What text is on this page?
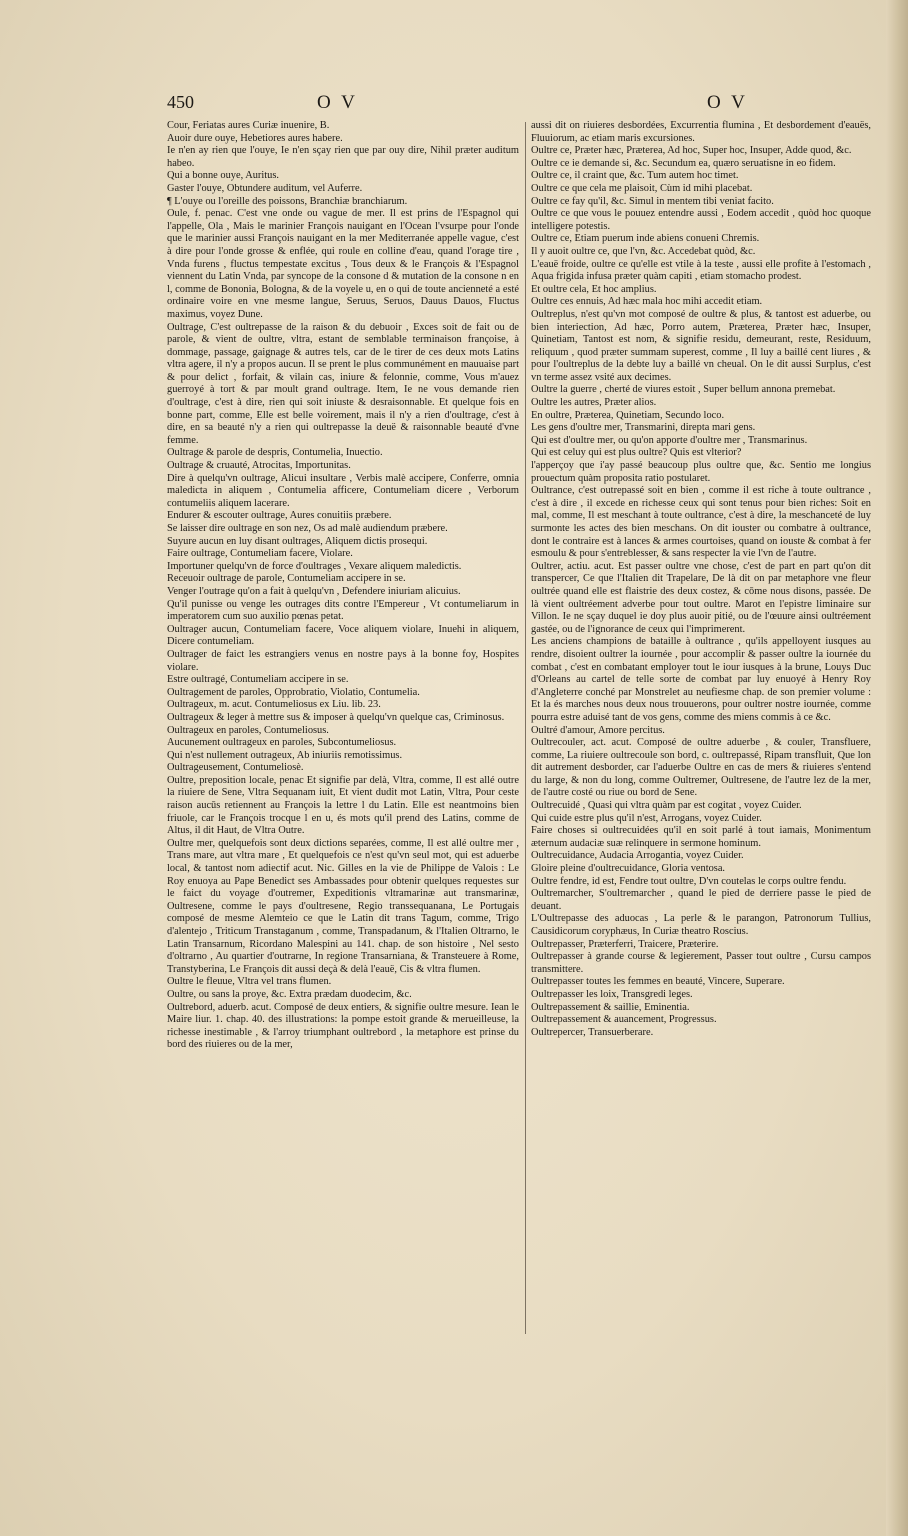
450	O V	O V

Cour, Feriatas aures Curiæ inuenire, B.

Auoir dure ouye, Hebetiores aures habere.

Ie n'en ay rien que l'ouye, Ie n'en sçay rien que par ouy dire, Nihil præter auditum habeo.

Qui a bonne ouye, Auritus.

Gaster l'ouye, Obtundere auditum, vel Auferre.

¶ L'ouye ou l'oreille des poissons, Branchiæ branchiarum.

Oule, f. penac. C'est vne onde ou vague de mer. Il est prins de l'Espagnol qui l'appelle, Ola , Mais le marinier François nauigant en l'Ocean l'vsurpe pour l'onde que le marinier aussi François nauigant en la mer Mediterranée appelle vague, c'est à dire pour l'onde grosse & enflée, qui roule en colline d'eau, quand l'orage tire , Vnda furens , fluctus tempestate excitus , Tous deux & le François & l'Espagnol viennent du Latin Vnda, par syncope de la consone d & mutation de la consone n en l, comme de Bononia, Bologna, & de la voyele u, en o qui de toute ancienneté a esté ordinaire voire en vne mesme langue, Seruus, Seruos, Dauus Dauos, Fluctus maximus, voyez Dune.

Oultrage, C'est oultrepasse de la raison & du debuoir , Exces soit de fait ou de parole, & vient de oultre, vltra, estant de semblable terminaison françoise, à dommage, passage, gaignage & autres tels, car de le tirer de ces deux mots Latins vltra agere, il n'y a propos aucun. Il se prent le plus communément en mauuaise part & pour delict , forfait, & vilain cas, iniure & felonnie, comme, Vous m'auez guerroyé à tort & par moult grand oultrage. Item, Ie ne vous demande rien d'oultrage, c'est à dire, rien qui soit iniuste & desraisonnable. Et quelque fois en bonne part, comme, Elle est belle voirement, mais il n'y a rien d'oultrage, c'est à dire, en sa beauté n'y a rien qui oultrepasse la deuë & raisonnable beauté d'vne femme.

Oultrage & parole de despris, Contumelia, Inuectio.

Oultrage & cruauté, Atrocitas, Importunitas.

Dire à quelqu'vn oultrage, Alicui insultare , Verbis malè accipere, Conferre, omnia maledicta in aliquem , Contumelia afficere, Contumeliam dicere , Verborum contumeliis aliquem lacerare.

Endurer & escouter oultrage, Aures conuitiis præbere.

Se laisser dire oultrage en son nez, Os ad malè audiendum præbere.

Suyure aucun en luy disant oultrages, Aliquem dictis prosequi.

Faire oultrage, Contumeliam facere, Violare.

Importuner quelqu'vn de force d'oultrages , Vexare aliquem maledictis.

Receuoir oultrage de parole, Contumeliam accipere in se.

Venger l'outrage qu'on a fait à quelqu'vn , Defendere iniuriam alicuius.

Qu'il punisse ou venge les outrages dits contre l'Empereur , Vt contumeliarum in imperatorem cum suo auxilio pœnas petat.

Oultrager aucun, Contumeliam facere, Voce aliquem violare, Inuehi in aliquem, Dicere contumeliam.

Oultrager de faict les estrangiers venus en nostre pays à la bonne foy, Hospites violare.

Estre oultragé, Contumeliam accipere in se.

Oultragement de paroles, Opprobratio, Violatio, Contumelia.

Oultrageux, m. acut. Contumeliosus ex Liu. lib. 23.

Oultrageux & leger à mettre sus & imposer à quelqu'vn quelque cas, Criminosus.

Oultrageux en paroles, Contumeliosus.

Aucunement oultrageux en paroles, Subcontumeliosus.

Qui n'est nullement outrageux, Ab iniuriis remotissimus.

Oultrageusement, Contumeliosè.

Oultre, preposition locale, penac Et signifie par delà, Vltra, comme, Il est allé outre la riuiere de Sene, Vltra Sequanam iuit, Et vient dudit mot Latin, Vltra, Pour ceste raison aucūs retiennent au François la lettre l du Latin. Elle est neantmoins bien friuole, car le François trocque l en u, és mots qu'il prend des Latins, comme de Altus, il dit Haut, de Vltra Outre.

Oultre mer, quelquefois sont deux dictions separées, comme, Il est allé oultre mer , Trans mare, aut vltra mare , Et quelquefois ce n'est qu'vn seul mot, qui est aduerbe local, & tantost nom adiectif acut. Nic. Gilles en la vie de Philippe de Valois : Le Roy enuoya au Pape Benedict ses Ambassades pour obtenir quelques requestes sur le faict du voyage d'outremer, Expeditionis vltramarinæ aut transmarinæ, Oultresene, comme le pays d'oultresene, Regio transsequanana, Le Portugais composé de mesme Alemteio ce que le Latin dit trans Tagum, comme, Trigo d'alentejo , Triticum Transtaganum , comme, Transpadanum, & l'Italien Oltrarno, le Latin Transarnum, Ricordano Malespini au 141. chap. de son histoire , Nel sesto d'oltrarno , Au quartier d'outrarne, In regione Transarniana, & Transteuere à Rome, Transtyberina, Le François dit aussi deçà & delà l'eauë, Cis & vltra flumen.

Oultre le fleuue, Vltra vel trans flumen.

Oultre, ou sans la proye, &c. Extra prædam duodecim, &c.

Oultrebord, aduerb. acut. Composé de deux entiers, & signifie oultre mesure. Iean le Maire liur. 1. chap. 40. des illustrations: la pompe estoit grande & merueilleuse, la richesse inestimable , & l'arroy triumphant oultrebord , la metaphore est prinse du bord des riuieres ou de la mer,

aussi dit on riuieres desbordées, Excurrentia flumina , Et desbordement d'eauës, Fluuiorum, ac etiam maris excursiones.

Oultre ce, Præter hæc, Præterea, Ad hoc, Super hoc, Insuper, Adde quod, &c.

Oultre ce ie demande si, &c. Secundum ea, quæro seruatisne in eo fidem.

Oultre ce, il craint que, &c. Tum autem hoc timet.

Oultre ce que cela me plaisoit, Cùm id mihi placebat.

Oultre ce fay qu'il, &c. Simul in mentem tibi veniat facito.

Oultre ce que vous le pouuez entendre aussi , Eodem accedit , quòd hoc quoque intelligere potestis.

Oultre ce, Etiam puerum inde abiens conueni Chremis.

Il y auoit oultre ce, que l'vn, &c. Accedebat quòd, &c.

L'eauë froide, oultre ce qu'elle est vtile à la teste , aussi elle profite à l'estomach , Aqua frigida infusa præter quàm capiti , etiam stomacho prodest.

Et oultre cela, Et hoc amplius.

Oultre ces ennuis, Ad hæc mala hoc mihi accedit etiam.

Oultreplus, n'est qu'vn mot composé de oultre & plus, & tantost est aduerbe, ou bien interiection, Ad hæc, Porro autem, Præterea, Præter hæc, Insuper, Quinetiam, Tantost est nom, & signifie residu, demeurant, reste, Residuum, reliquum , quod præter summam superest, comme , Il luy a baillé cent liures , & pour l'oultreplus de la debte luy a baillé vn cheual. On le dit aussi Surplus, c'est vn terme assez vsité aux decimes.

Oultre la guerre , cherté de viures estoit , Super bellum annona premebat.

Oultre les autres, Præter alios.

En oultre, Præterea, Quinetiam, Secundo loco.

Les gens d'oultre mer, Transmarini, direpta mari gens.

Qui est d'oultre mer, ou qu'on apporte d'oultre mer , Transmarinus.

Qui est celuy qui est plus oultre? Quis est vlterior?

l'apperçoy que i'ay passé beaucoup plus oultre que, &c. Sentio me longius prouectum quàm proposita ratio postularet.

Oultrance, c'est outrepassé soit en bien , comme il est riche à toute oultrance , c'est à dire , il excede en richesse ceux qui sont tenus pour bien riches: Soit en mal, comme, Il est meschant à toute oultrance, c'est à dire, la meschanceté de luy surmonte les actes des bien meschans. On dit iouster ou combatre à oultrance, dont le contraire est à lances & armes courtoises, quand on iouste & combat à fer esmoulu & pour s'entreblesser, & sans respecter la vie l'vn de l'autre.

Oultrer, actiu. acut. Est passer oultre vne chose, c'est de part en part qu'on dit transpercer, Ce que l'Italien dit Trapelare, De là dit on par metaphore vne fleur oultrée quand elle est flaistrie des deux costez, & cōme nous disons, passée. De là vient oultréement adverbe pour tout oultre. Marot en l'epistre liminaire sur Villon. Ie ne sçay duquel ie doy plus auoir pitié, ou de l'œuure ainsi oultréement gastée, ou de l'ignorance de ceux qui l'imprimerent.

Les anciens champions de bataille à oultrance , qu'ils appelloyent iusques au rendre, disoient oultrer la iournée , pour accomplir & passer oultre la iournée du combat , c'est en combatant employer tout le iour iusques à la brune, Louys Duc d'Orleans au cartel de telle sorte de combat par luy enuoyé à Henry Roy d'Angleterre conché par Monstrelet au neufiesme chap. de son premier volume : Et la és marches nous deux nous trouuerons, pour oultrer nostre iournée, comme pourra estre aduisé tant de vos gens, comme des miens commis à ce &c.

Oultré d'amour, Amore percitus.

Oultrecouler, act. acut. Composé de oultre aduerbe , & couler, Transfluere, comme, La riuiere oultrecoule son bord, c. oultrepassé, Ripam transfluit, Que lon dit autrement desborder, car l'aduerbe Oultre en cas de mers & riuieres s'entend du large, & non du long, comme Oultremer, Oultresene, de l'autre lez de la mer, de l'autre costé ou riue ou bord de Sene.

Oultrecuidé , Quasi qui vltra quàm par est cogitat , voyez Cuider.

Qui cuide estre plus qu'il n'est, Arrogans, voyez Cuider.

Faire choses si oultrecuidées qu'il en soit parlé à tout iamais, Monimentum æternum audaciæ suæ relinquere in sermone hominum.

Oultrecuidance, Audacia Arrogantia, voyez Cuider.

Gloire pleine d'oultrecuidance, Gloria ventosa.

Oultre fendre, id est, Fendre tout oultre, D'vn coutelas le corps oultre fendu.

Oultremarcher, S'oultremarcher , quand le pied de derriere passe le pied de deuant.

L'Oultrepasse des aduocas , La perle & le parangon, Patronorum Tullius, Causidicorum coryphæus, In Curiæ theatro Roscius.

Oultrepasser, Præterferri, Traicere, Præterire.

Oultrepasser à grande course & legierement, Passer tout oultre , Cursu campos transmittere.

Oultrepasser toutes les femmes en beauté, Vincere, Superare.

Oultrepasser les loix, Transgredi leges.

Oultrepassement & saillie, Eminentia.

Oultrepassement & auancement, Progressus.

Oultrepercer, Transuerberare.
